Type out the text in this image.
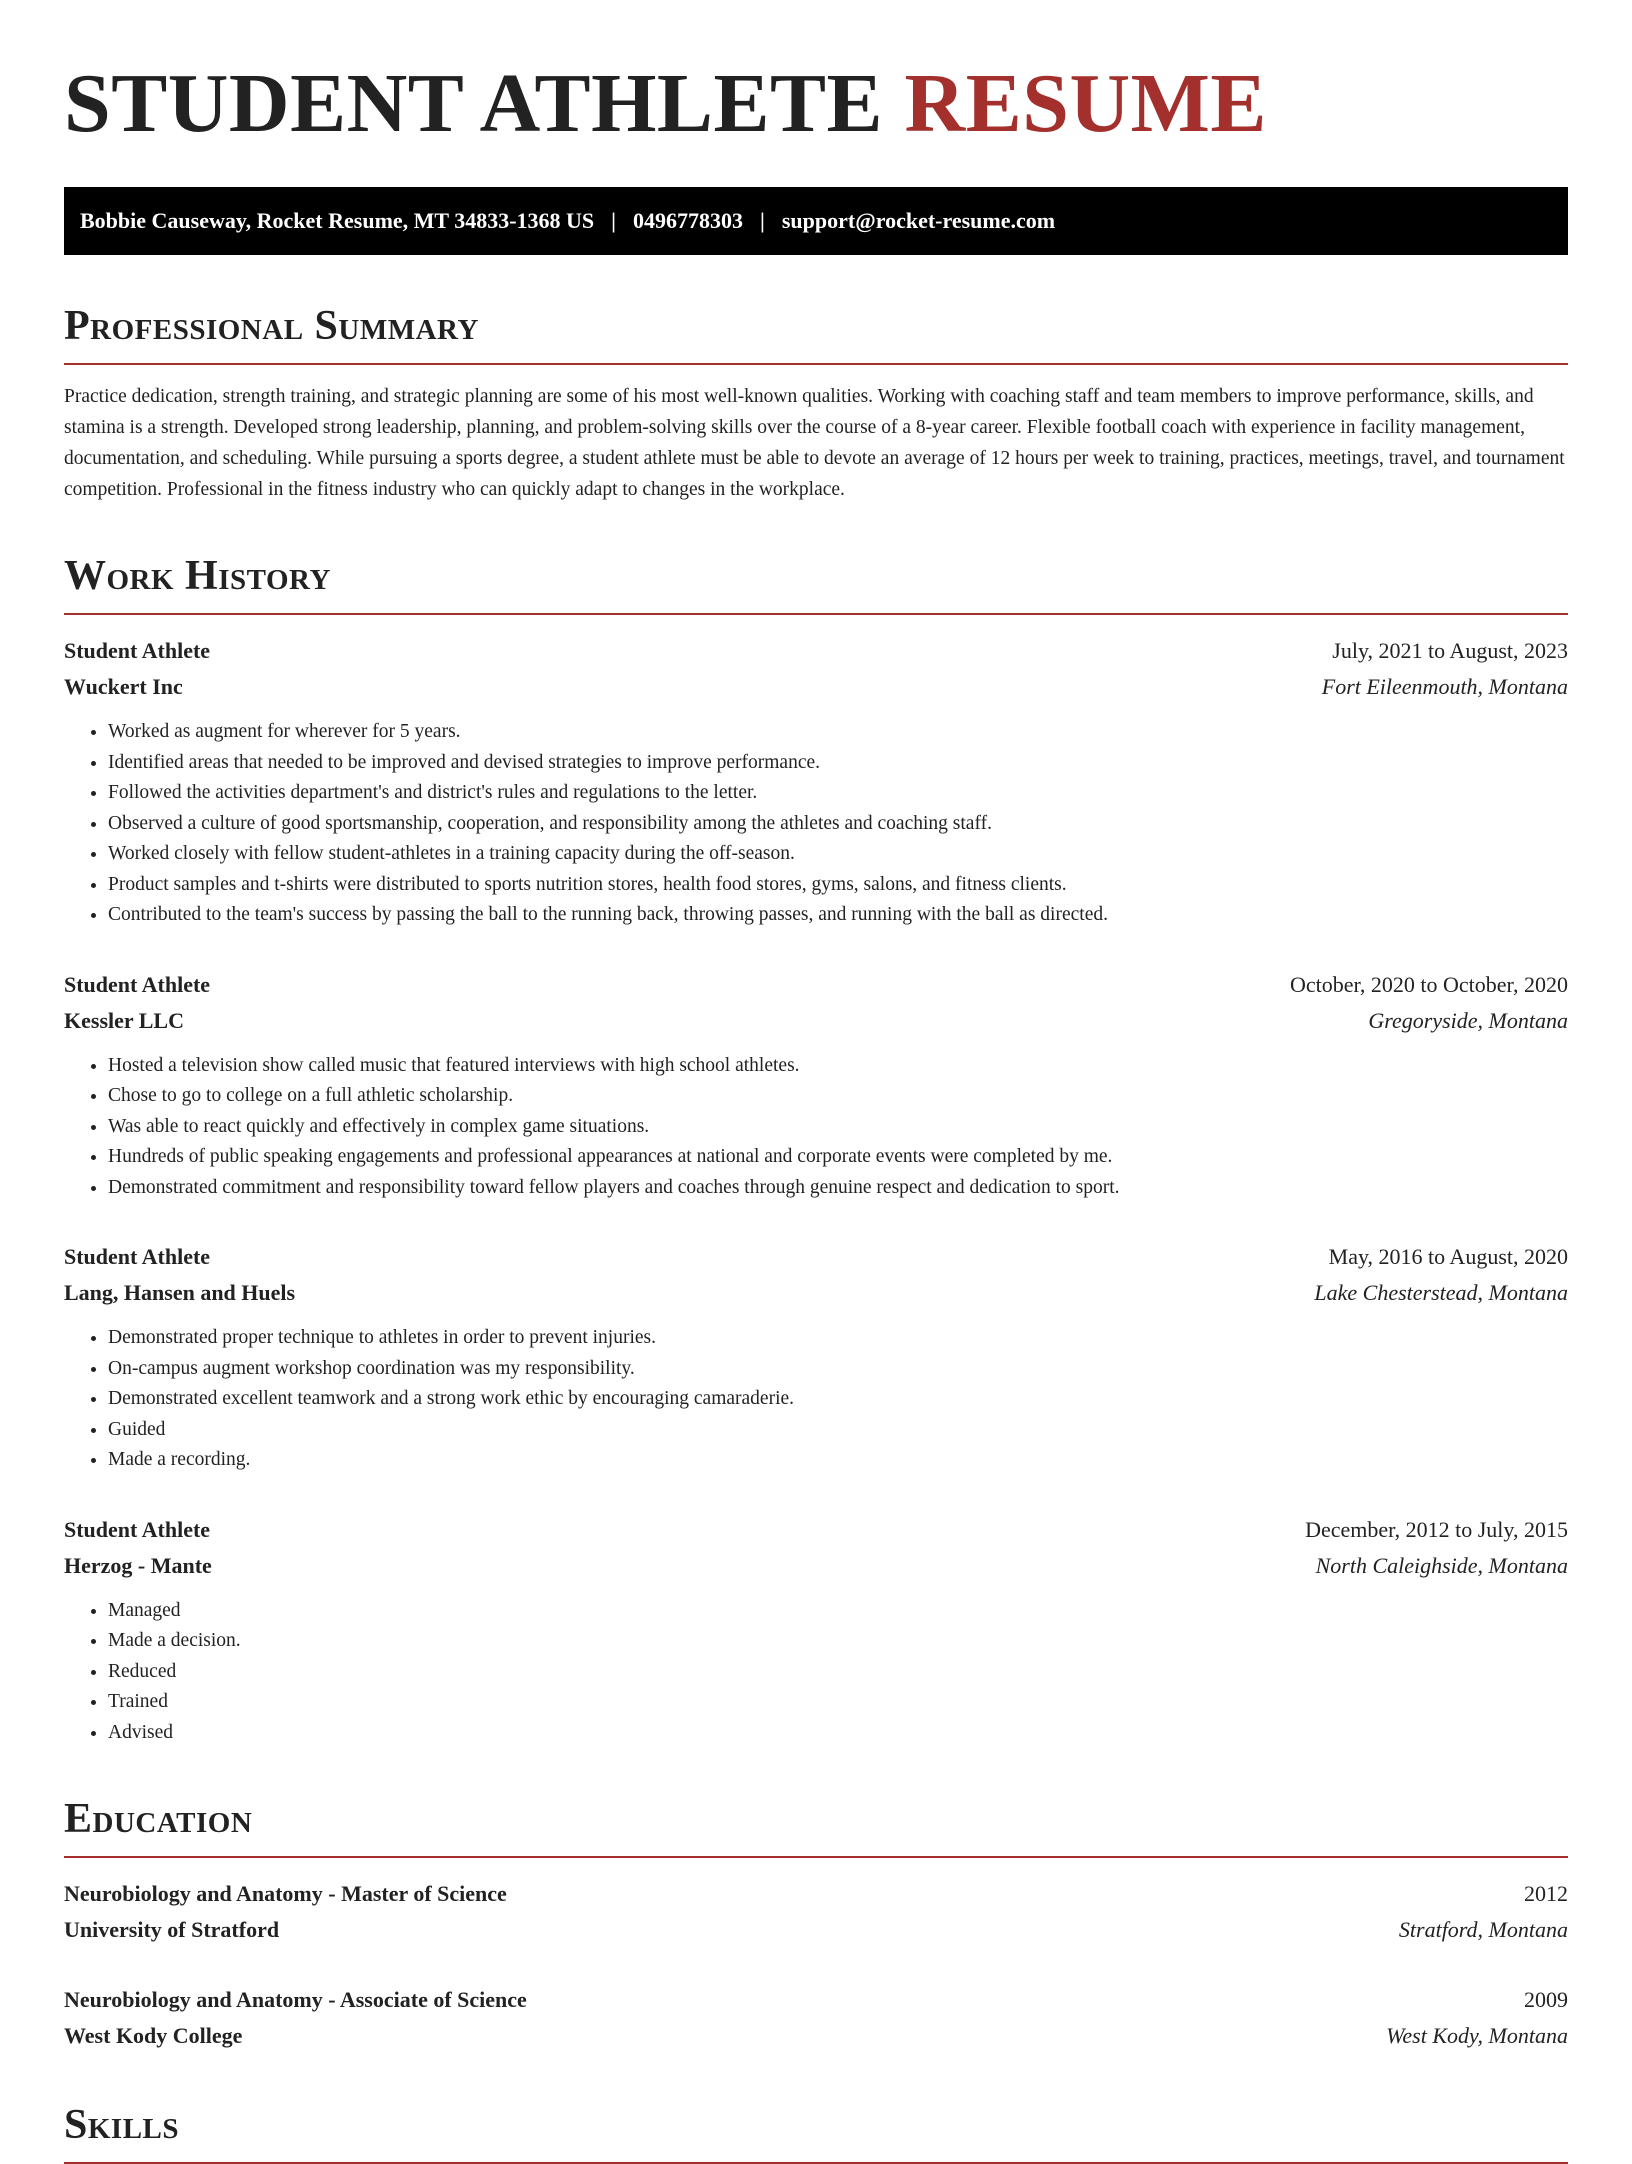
STUDENT ATHLETE RESUME
Bobbie Causeway, Rocket Resume, MT 34833-1368 US | 0496778303 | support@rocket-resume.com
Professional Summary

Practice dedication, strength training, and strategic planning are some of his most well-known qualities. Working with coaching staff and team members to improve performance, skills, and stamina is a strength. Developed strong leadership, planning, and problem-solving skills over the course of a 8-year career. Flexible football coach with experience in facility management, documentation, and scheduling. While pursuing a sports degree, a student athlete must be able to devote an average of 12 hours per week to training, practices, meetings, travel, and tournament competition. Professional in the fitness industry who can quickly adapt to changes in the workplace.

Work History
Student Athlete	July, 2021 to August, 2023
Wuckert Inc	Fort Eileenmouth, Montana
• Worked as augment for wherever for 5 years.
• Identified areas that needed to be improved and devised strategies to improve performance.
• Followed the activities department's and district's rules and regulations to the letter.
• Observed a culture of good sportsmanship, cooperation, and responsibility among the athletes and coaching staff.
• Worked closely with fellow student-athletes in a training capacity during the off-season.
• Product samples and t-shirts were distributed to sports nutrition stores, health food stores, gyms, salons, and fitness clients.
• Contributed to the team's success by passing the ball to the running back, throwing passes, and running with the ball as directed.
Student Athlete	October, 2020 to October, 2020
Kessler LLC	Gregoryside, Montana
• Hosted a television show called music that featured interviews with high school athletes.
• Chose to go to college on a full athletic scholarship.
• Was able to react quickly and effectively in complex game situations.
• Hundreds of public speaking engagements and professional appearances at national and corporate events were completed by me.
• Demonstrated commitment and responsibility toward fellow players and coaches through genuine respect and dedication to sport.
Student Athlete	May, 2016 to August, 2020
Lang, Hansen and Huels	Lake Chesterstead, Montana
• Demonstrated proper technique to athletes in order to prevent injuries.
• On-campus augment workshop coordination was my responsibility.
• Demonstrated excellent teamwork and a strong work ethic by encouraging camaraderie.
• Guided
• Made a recording.
Student Athlete	December, 2012 to July, 2015
Herzog - Mante	North Caleighside, Montana
• Managed
• Made a decision.
• Reduced
• Trained
• Advised
Education
Neurobiology and Anatomy - Master of Science	2012
University of Stratford	Stratford, Montana
Neurobiology and Anatomy - Associate of Science	2009
West Kody College	West Kody, Montana
Skills
